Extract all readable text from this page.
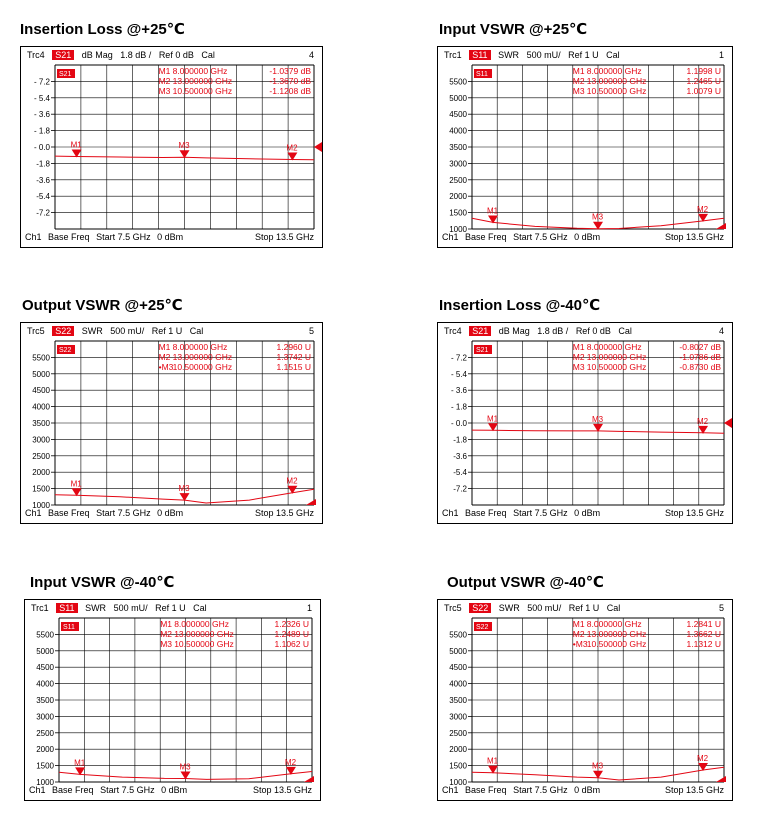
Insertion Loss @+25℃
Trc4 S21 dB Mag 1.8 dB / Ref 0 dB Cal	4
- 7.2
- 5.4
- 3.6
- 1.8
- 0.0
-1.8
-3.6
-5.4
-7.2
S21
M1	M2
M3
M1 8.000000 GHz	-1.0379 dB
M2 13.000000 GHz	-1.3670 dB
M3 10.500000 GHz	-1.1208 dB
Ch1 Base Freq Start 7.5 GHz 0 dBm	Stop 13.5 GHz
Input VSWR @+25℃
Trc1 S11 SWR 500 mU/ Ref 1 U Cal	1
5500
5000
4500
4000
3500
3000
2500
2000
1500
1000
S11
M1	M2
M3
M1 8.000000 GHz	1.1998 U
M2 13.000000 GHz	1.2465 U
M3 10.500000 GHz	1.0079 U
Ch1 Base Freq Start 7.5 GHz 0 dBm	Stop 13.5 GHz
Output VSWR @+25℃
Trc5 S22 SWR 500 mU/ Ref 1 U Cal	5
5500
5000
4500
4000
3500
3000
2500
2000
1500
1000
S22
M1	M2
M3
M1 8.000000 GHz	1.2960 U
M2 13.000000 GHz	1.3742 U
•M3 10.500000 GHz	1.1515 U
Ch1 Base Freq Start 7.5 GHz 0 dBm	Stop 13.5 GHz
Insertion Loss @-40℃
Trc4 S21 dB Mag 1.8 dB / Ref 0 dB Cal	4
- 7.2
- 5.4
- 3.6
- 1.8
- 0.0
-1.8
-3.6
-5.4
-7.2
S21
M1	M2
M3
M1 8.000000 GHz	-0.8027 dB
M2 13.000000 GHz	-1.0786 dB
M3 10.500000 GHz	-0.8730 dB
Ch1 Base Freq Start 7.5 GHz 0 dBm	Stop 13.5 GHz
Input VSWR @-40℃
Trc1 S11 SWR 500 mU/ Ref 1 U Cal	1
5500
5000
4500
4000
3500
3000
2500
2000
1500
1000
S11
M1	M2
M3
M1 8.000000 GHz	1.2326 U
M2 13.000000 GHz	1.2489 U
M3 10.500000 GHz	1.1062 U
Ch1 Base Freq Start 7.5 GHz 0 dBm	Stop 13.5 GHz
Output VSWR @-40℃
Trc5 S22 SWR 500 mU/ Ref 1 U Cal	5
5500
5000
4500
4000
3500
3000
2500
2000
1500
1000
S22
M1	M2
M3
M1 8.000000 GHz	1.2841 U
M2 13.000000 GHz	1.3662 U
•M3 10.500000 GHz	1.1312 U
Ch1 Base Freq Start 7.5 GHz 0 dBm	Stop 13.5 GHz
